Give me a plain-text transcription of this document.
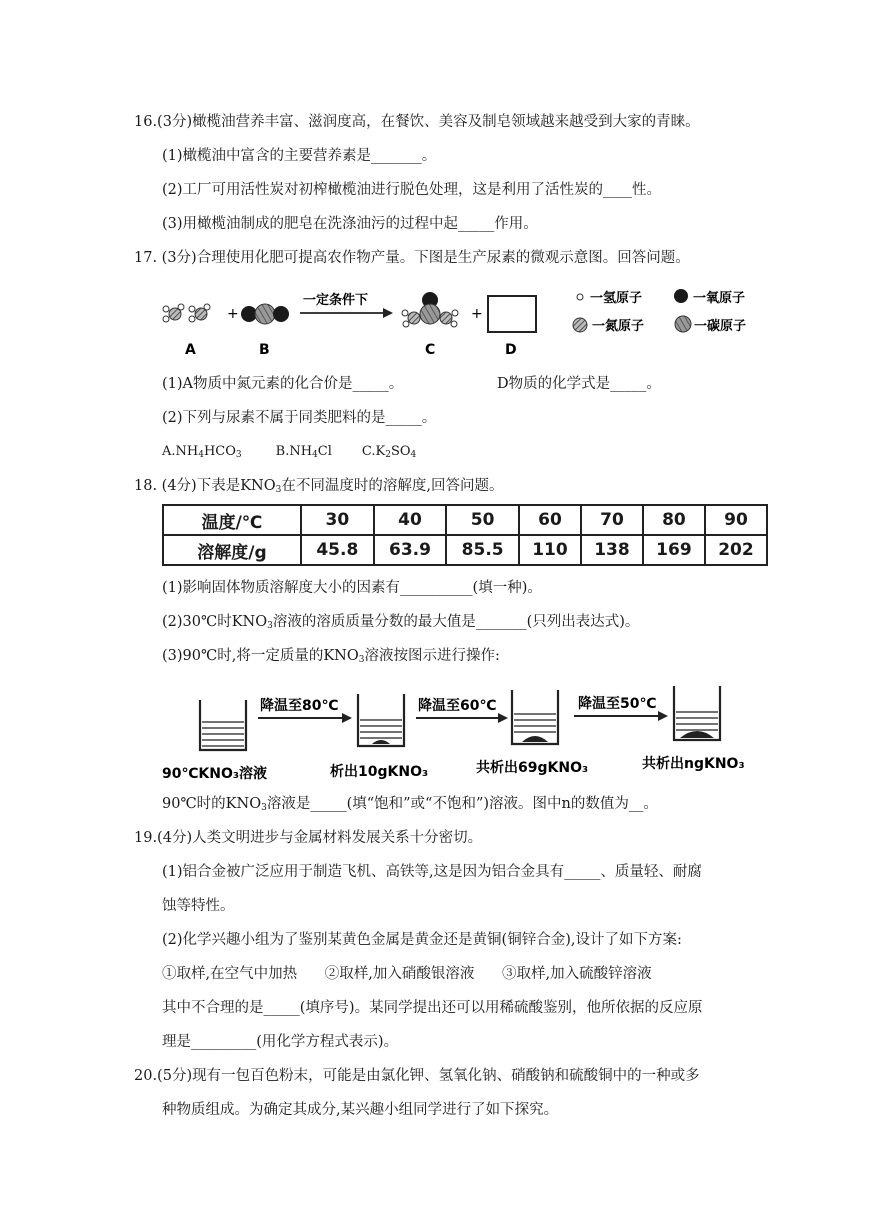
16.(3分)橄榄油营养丰富、滋润度高，在餐饮、美容及制皂领域越来越受到大家的青睐。
(1)橄榄油中富含的主要营养素是_______。
(2)工厂可用活性炭对初榨橄榄油进行脱色处理，这是利用了活性炭的____性。
(3)用橄榄油制成的肥皂在洗涤油污的过程中起_____作用。
17. (3分)合理使用化肥可提高农作物产量。下图是生产尿素的微观示意图。回答问题。
+
一定条件下
+
A	B	C	D
一氢原子	一氧原子
一氮原子	一碳原子
(1)A物质中氮元素的化合价是_____。	D物质的化学式是_____。
(2)下列与尿素不属于同类肥料的是_____。
$A.NH_4HCO_3$	$B.NH_4Cl$ $C.K_2SO_4$
18. (4分)下表是$KNO_3$在不同温度时的溶解度,回答问题。
温度/℃	30	40	50	60	70	80	90
溶解度/g	45.8	63.9	85.5	110	138	169	202
(1)影响固体物质溶解度大小的因素有__________(填一种)。
(2)30℃时$KNO_3$溶液的溶质质量分数的最大值是_______(只列出表达式)。
(3)90℃时,将一定质量的$KNO_3$溶液按图示进行操作:
降温至80℃	降温至60℃	降温至50℃
90℃KNO₃溶液	析出10gKNO₃	共析出69gKNO₃	共析出ngKNO₃
90℃时的$KNO_3$溶液是_____(填“饱和”或“不饱和”)溶液。图中n的数值为__。
19.(4分)人类文明进步与金属材料发展关系十分密切。
(1)铝合金被广泛应用于制造飞机、高铁等,这是因为铝合金具有_____、质量轻、耐腐
蚀等特性。
(2)化学兴趣小组为了鉴别某黄色金属是黄金还是黄铜(铜锌合金),设计了如下方案:
①取样,在空气中加热      ②取样,加入硝酸银溶液      ③取样,加入硫酸锌溶液
其中不合理的是_____(填序号)。某同学提出还可以用稀硫酸鉴别，他所依据的反应原
理是_________(用化学方程式表示)。
20.(5分)现有一包百色粉末，可能是由氯化钾、氢氧化钠、硝酸钠和硫酸铜中的一种或多
种物质组成。为确定其成分,某兴趣小组同学进行了如下探究。
